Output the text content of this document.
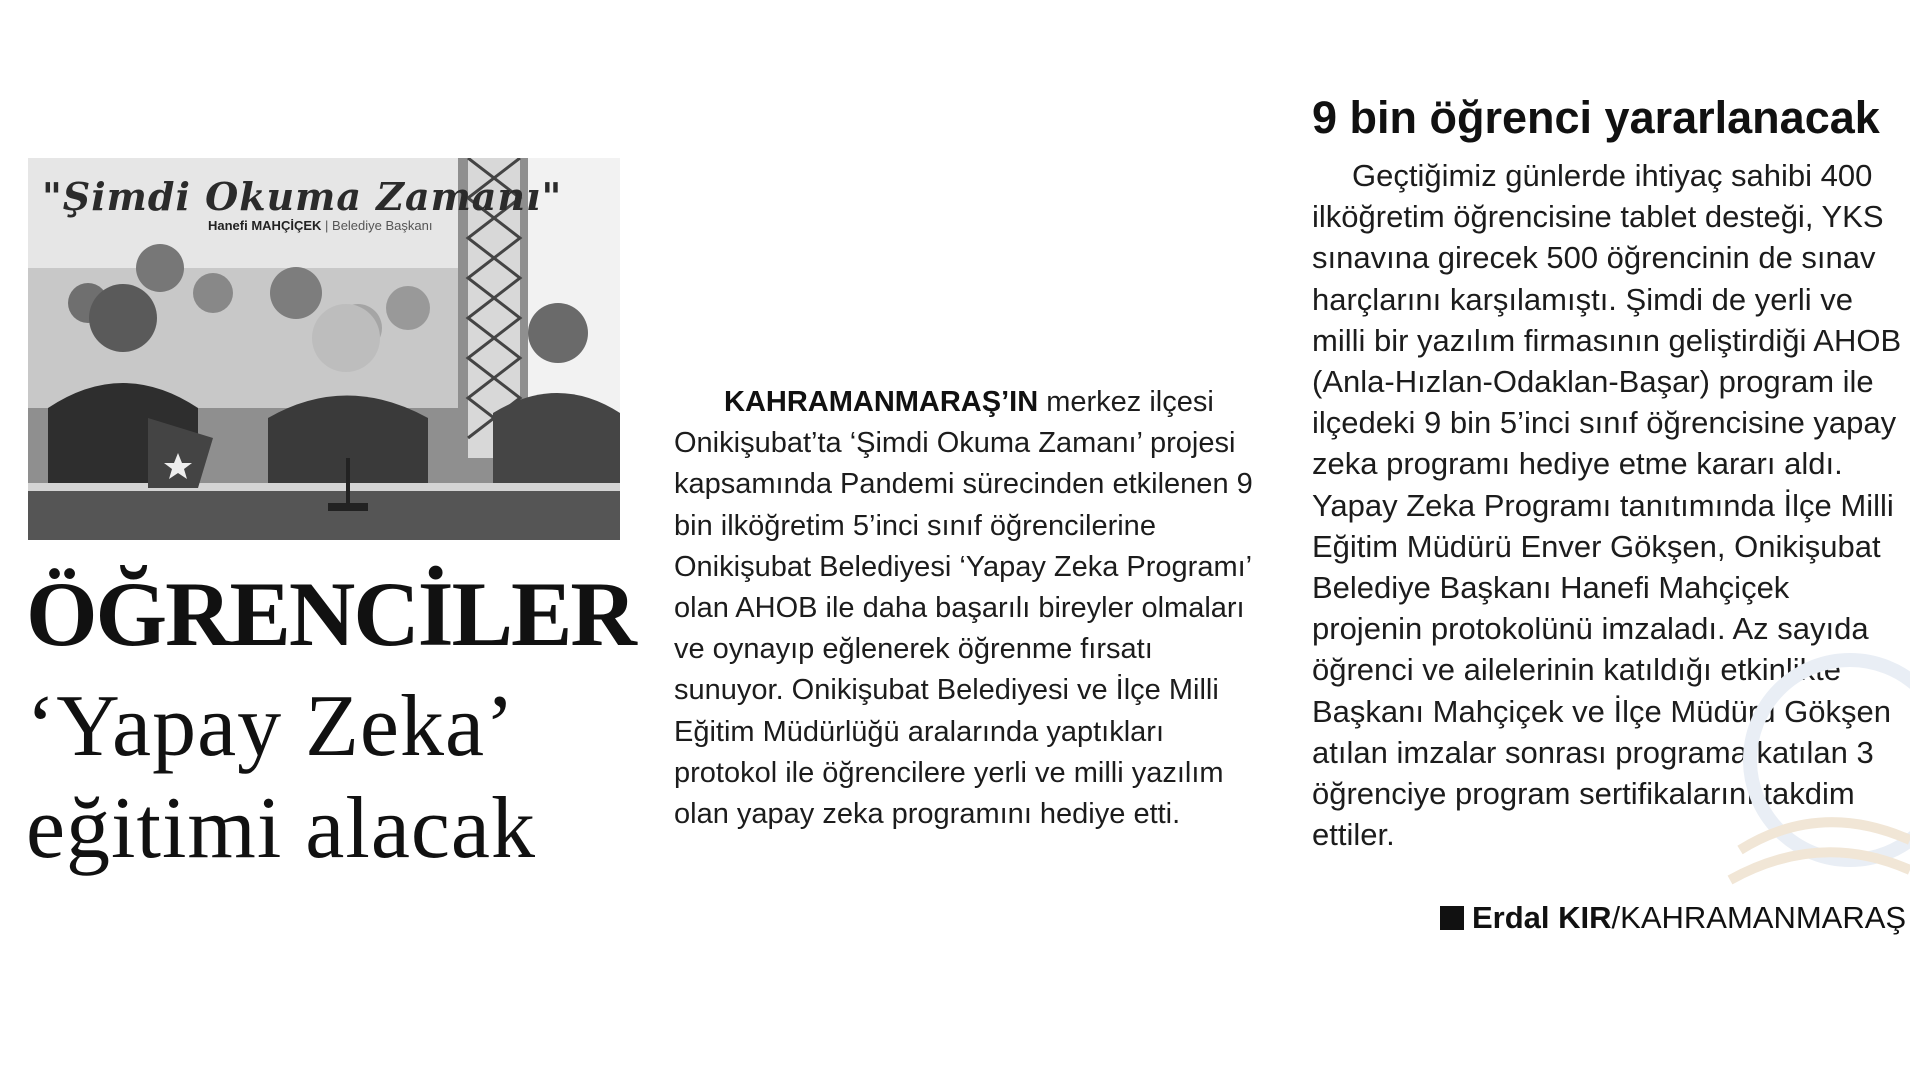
"Şimdi Okuma Zamanı"
Hanefi MAHÇİÇEK | Belediye Başkanı
ÖĞRENCİLER
‘Yapay Zeka’
eğitimi alacak
KAHRAMANMARAŞ’IN merkez ilçesi Onikişubat’ta ‘Şimdi Okuma Zamanı’ projesi kapsamında Pandemi sürecinden etkilenen 9 bin ilköğretim 5’inci sınıf öğrencilerine Onikişubat Belediyesi ‘Yapay Zeka Programı’ olan AHOB ile daha başarılı bireyler olmaları ve oynayıp eğlenerek öğrenme fırsatı sunuyor. Onikişubat Belediyesi ve İlçe Milli Eğitim Müdürlüğü aralarında yaptıkları protokol ile öğrencilere yerli ve milli yazılım olan yapay zeka programını hediye etti.
9 bin öğrenci yararlanacak
Geçtiğimiz günlerde ihtiyaç sahibi 400 ilköğretim öğrencisine tablet desteği, YKS sınavına girecek 500 öğrencinin de sınav harçlarını karşılamıştı. Şimdi de yerli ve milli bir yazılım firmasının geliştirdiği AHOB (Anla-Hızlan-Odaklan-Başar) program ile ilçedeki 9 bin 5’inci sınıf öğrencisine yapay zeka programı hediye etme kararı aldı. Yapay Zeka Programı tanıtımında İlçe Milli Eğitim Müdürü Enver Gökşen, Onikişubat Belediye Başkanı Hanefi Mahçiçek projenin protokolünü imzaladı. Az sayıda öğrenci ve ailelerinin katıldığı etkinlikte Başkanı Mahçiçek ve İlçe Müdürü Gökşen atılan imzalar sonrası programa katılan 3 öğrenciye program sertifikalarını takdim ettiler.
Erdal KIR/KAHRAMANMARAŞ
